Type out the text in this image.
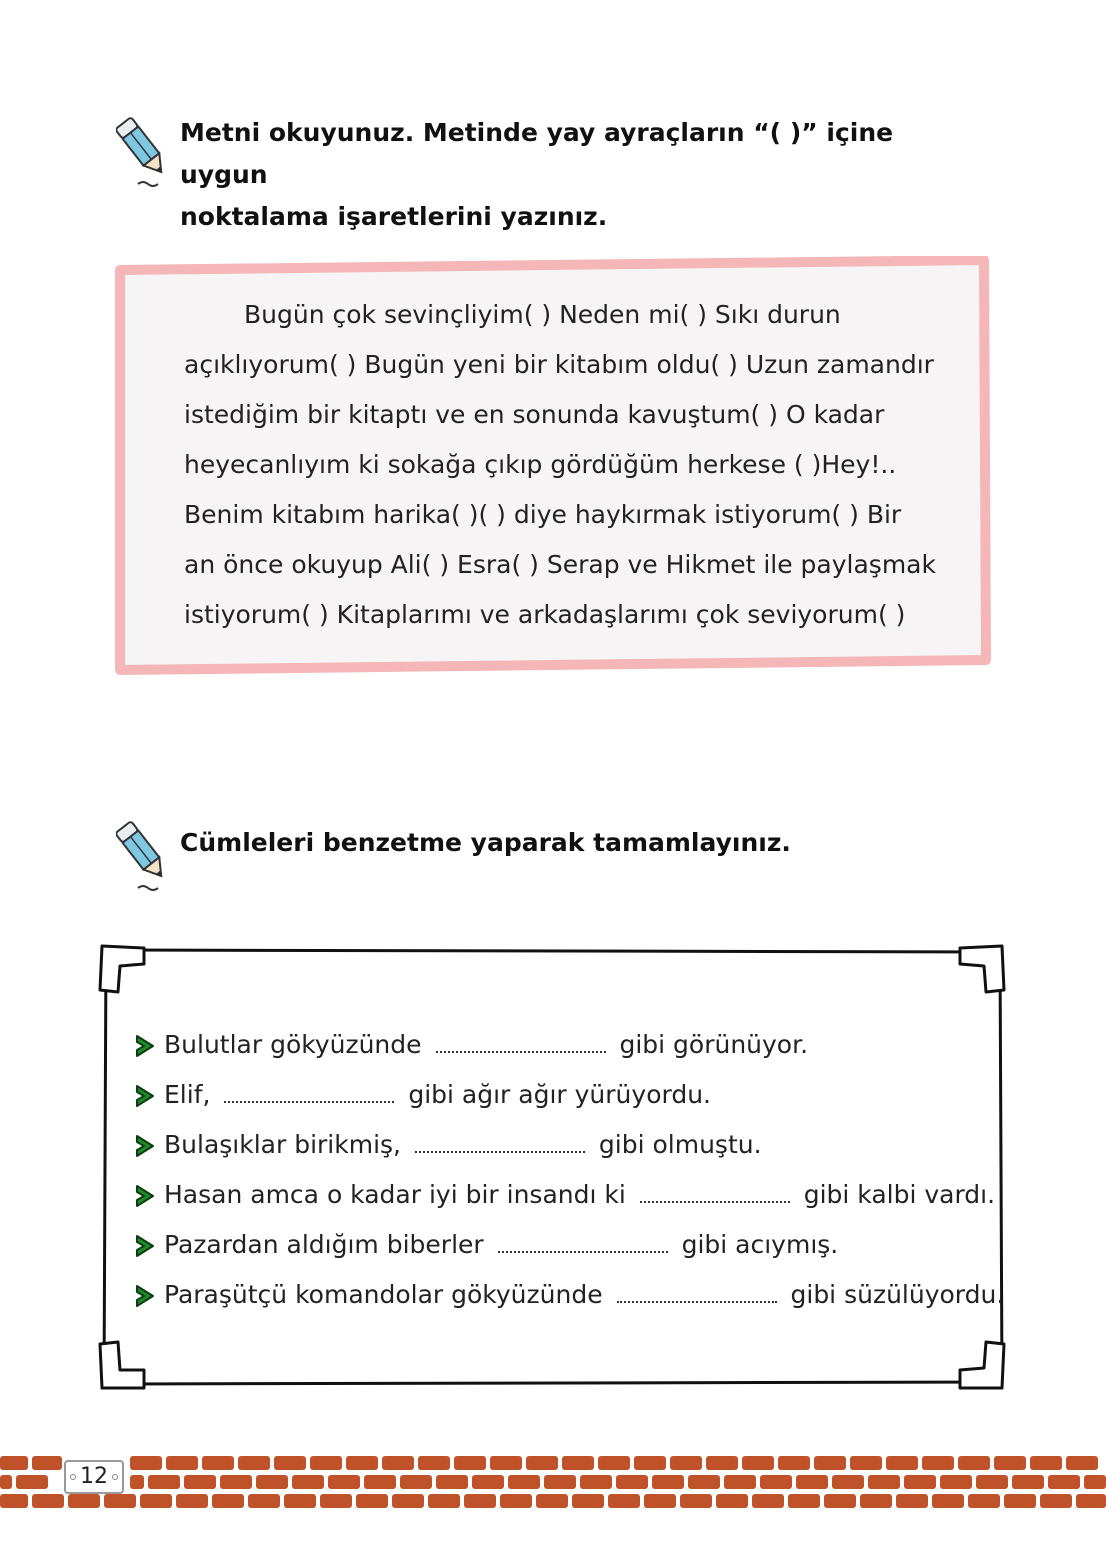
Metni okuyunuz. Metinde yay ayraçların “( )” içine uygun
noktalama işaretlerini yazınız.

Bugün çok sevinçliyim( ) Neden mi( ) Sıkı durun

açıklıyorum( ) Bugün yeni bir kitabım oldu( ) Uzun zamandır

istediğim bir kitaptı ve en sonunda kavuştum( ) O kadar

heyecanlıyım ki sokağa çıkıp gördüğüm herkese ( )Hey!..

Benim kitabım harika( )( ) diye haykırmak istiyorum( ) Bir

an önce okuyup Ali( ) Esra( ) Serap ve Hikmet ile paylaşmak

istiyorum( ) Kitaplarımı ve arkadaşlarımı çok seviyorum( )

Cümleleri benzetme yaparak tamamlayınız.
Bulutlar gökyüzünde	gibi görünüyor.
Elif,	gibi ağır ağır yürüyordu.
Bulaşıklar birikmiş,	gibi olmuştu.
Hasan amca o kadar iyi bir insandı ki	gibi kalbi vardı.
Pazardan aldığım biberler	gibi acıymış.
Paraşütçü komandolar gökyüzünde	gibi süzülüyordu.
12
